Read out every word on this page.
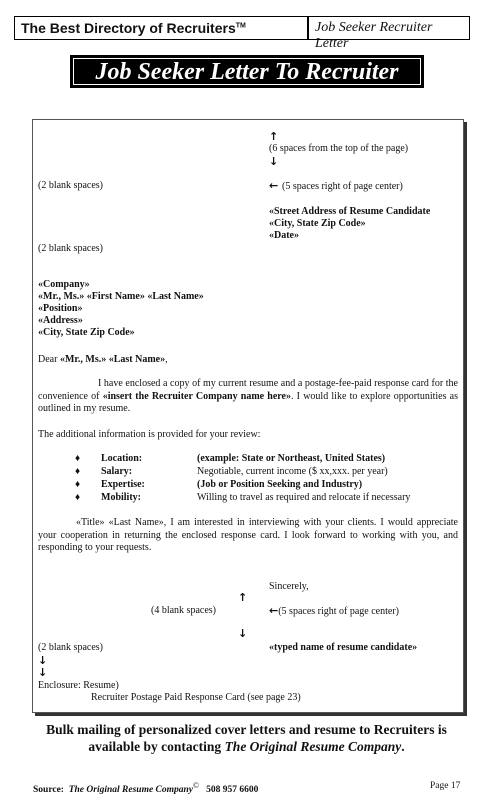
The Best Directory of Recruiters™	Job Seeker Recruiter Letter
Job Seeker Letter To Recruiter
↑
(6 spaces from the top of the page)
↓
(2 blank spaces)	← (5 spaces right of page center)
«Street Address of Resume Candidate
«City, State Zip Code»
«Date»
(2 blank spaces)
«Company»
«Mr., Ms.» «First Name» «Last Name»
«Position»
«Address»
«City, State Zip Code»
Dear «Mr., Ms.» «Last Name»,
I have enclosed a copy of my current resume and a postage-fee-paid response card for the convenience of «insert the Recruiter Company name here». I would like to explore opportunities as outlined in my resume.
The additional information is provided for your review:
♦ Location:	(example: State or Northeast, United States)
♦ Salary:	Negotiable, current income ($ xx,xxx. per year)
♦ Expertise:	(Job or Position Seeking and Industry)
♦ Mobility:	Willing to travel as required and relocate if necessary
«Title» «Last Name», I am interested in interviewing with your clients. I would appreciate your cooperation in returning the enclosed response card. I look forward to working with you, and responding to your requests.
Sincerely,
↑
(4 blank spaces)	←(5 spaces right of page center)
↓
(2 blank spaces)	«typed name of resume candidate»
↓
↓
Enclosure: Resume)
Recruiter Postage Paid Response Card (see page 23)
Bulk mailing of personalized cover letters and resume to Recruiters is
available by contacting The Original Resume Company.
Source: The Original Resume Company© 508 957 6600	Page 17
